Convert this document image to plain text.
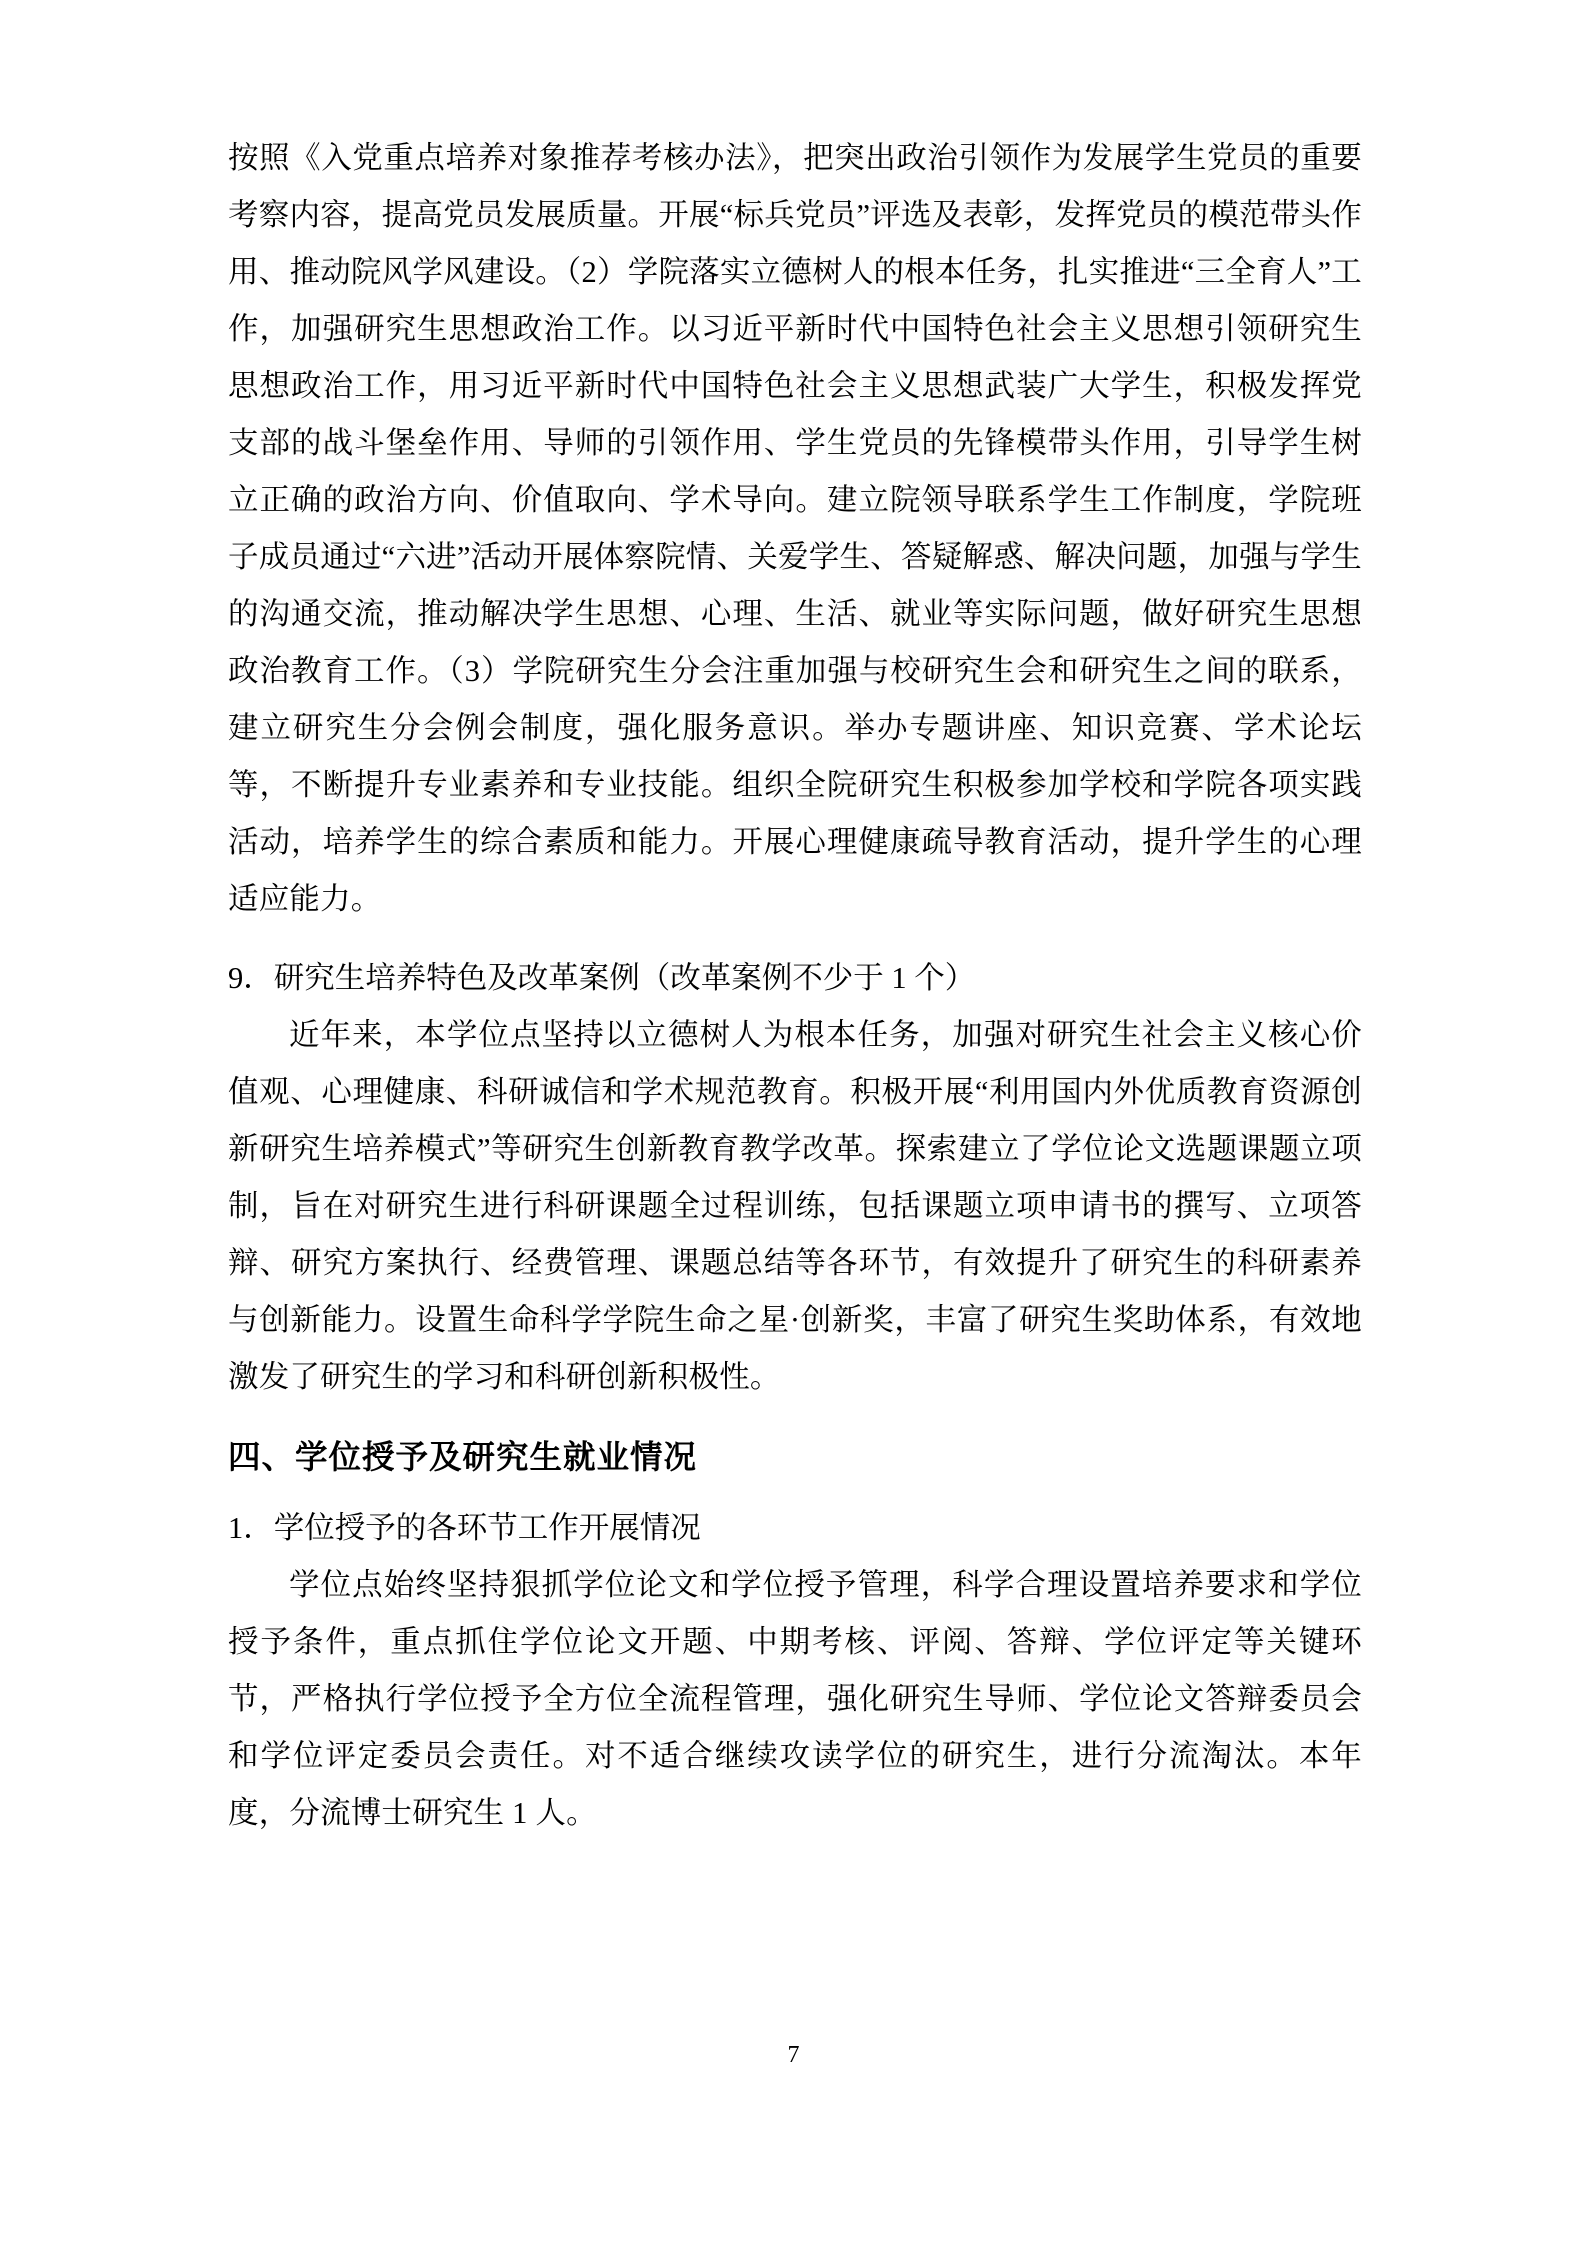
按照《入党重点培养对象推荐考核办法》，把突出政治引领作为发展学生党员的重要考察内容，提高党员发展质量。开展“标兵党员”评选及表彰，发挥党员的模范带头作用、推动院风学风建设。（2）学院落实立德树人的根本任务，扎实推进“三全育人”工作，加强研究生思想政治工作。以习近平新时代中国特色社会主义思想引领研究生思想政治工作，用习近平新时代中国特色社会主义思想武装广大学生，积极发挥党支部的战斗堡垒作用、导师的引领作用、学生党员的先锋模带头作用，引导学生树立正确的政治方向、价值取向、学术导向。建立院领导联系学生工作制度，学院班子成员通过“六进”活动开展体察院情、关爱学生、答疑解惑、解决问题，加强与学生的沟通交流，推动解决学生思想、心理、生活、就业等实际问题，做好研究生思想政治教育工作。（3）学院研究生分会注重加强与校研究生会和研究生之间的联系，建立研究生分会例会制度，强化服务意识。举办专题讲座、知识竞赛、学术论坛等，不断提升专业素养和专业技能。组织全院研究生积极参加学校和学院各项实践活动，培养学生的综合素质和能力。开展心理健康疏导教育活动，提升学生的心理适应能力。

9．研究生培养特色及改革案例（改革案例不少于 1 个）

近年来，本学位点坚持以立德树人为根本任务，加强对研究生社会主义核心价值观、心理健康、科研诚信和学术规范教育。积极开展“利用国内外优质教育资源创新研究生培养模式”等研究生创新教育教学改革。探索建立了学位论文选题课题立项制，旨在对研究生进行科研课题全过程训练，包括课题立项申请书的撰写、立项答辩、研究方案执行、经费管理、课题总结等各环节，有效提升了研究生的科研素养与创新能力。设置生命科学学院生命之星·创新奖，丰富了研究生奖助体系，有效地激发了研究生的学习和科研创新积极性。

四、学位授予及研究生就业情况

1．学位授予的各环节工作开展情况

学位点始终坚持狠抓学位论文和学位授予管理，科学合理设置培养要求和学位授予条件，重点抓住学位论文开题、中期考核、评阅、答辩、学位评定等关键环节，严格执行学位授予全方位全流程管理，强化研究生导师、学位论文答辩委员会和学位评定委员会责任。对不适合继续攻读学位的研究生，进行分流淘汰。本年度，分流博士研究生 1 人。

7
